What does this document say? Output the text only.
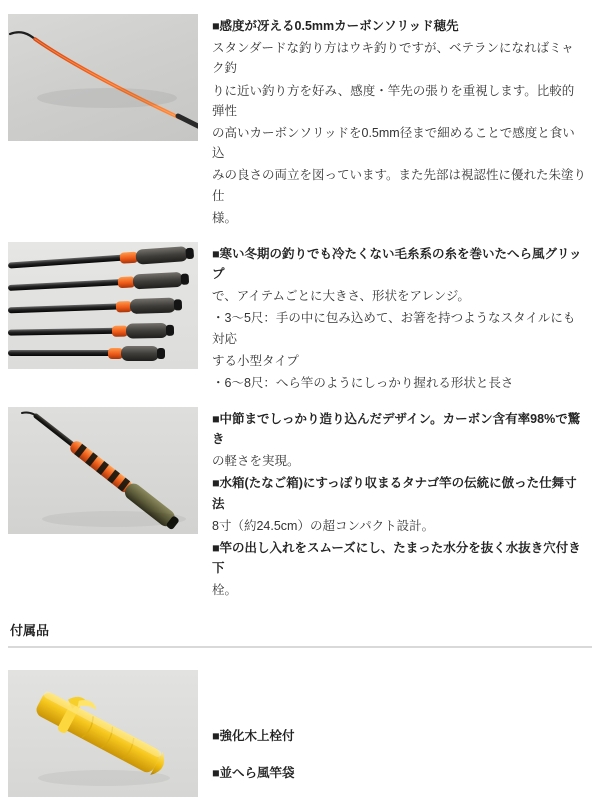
■感度が冴える0.5mmカーボンソリッド穂先

スタンダードな釣り方はウキ釣りですが、ベテランになればミャク釣

りに近い釣り方を好み、感度・竿先の張りを重視します。比較的弾性

の高いカーボンソリッドを0.5mm径まで細めることで感度と食い込

みの良さの両立を図っています。また先部は視認性に優れた朱塗り仕

様。

■寒い冬期の釣りでも冷たくない毛糸系の糸を巻いたへら風グリップ

で、アイテムごとに大きさ、形状をアレンジ。

・3〜5尺：手の中に包み込めて、お箸を持つようなスタイルにも対応

する小型タイプ

・6〜8尺：へら竿のようにしっかり握れる形状と長さ

■中節までしっかり造り込んだデザイン。カーボン含有率98%で驚き

の軽さを実現。

■水箱(たなご箱)にすっぽり収まるタナゴ竿の伝統に倣った仕舞寸法

8寸（約24.5cm）の超コンパクト設計。

■竿の出し入れをスムーズにし、たまった水分を抜く水抜き穴付き下

栓。

付属品

■強化木上栓付

■並へら風竿袋
